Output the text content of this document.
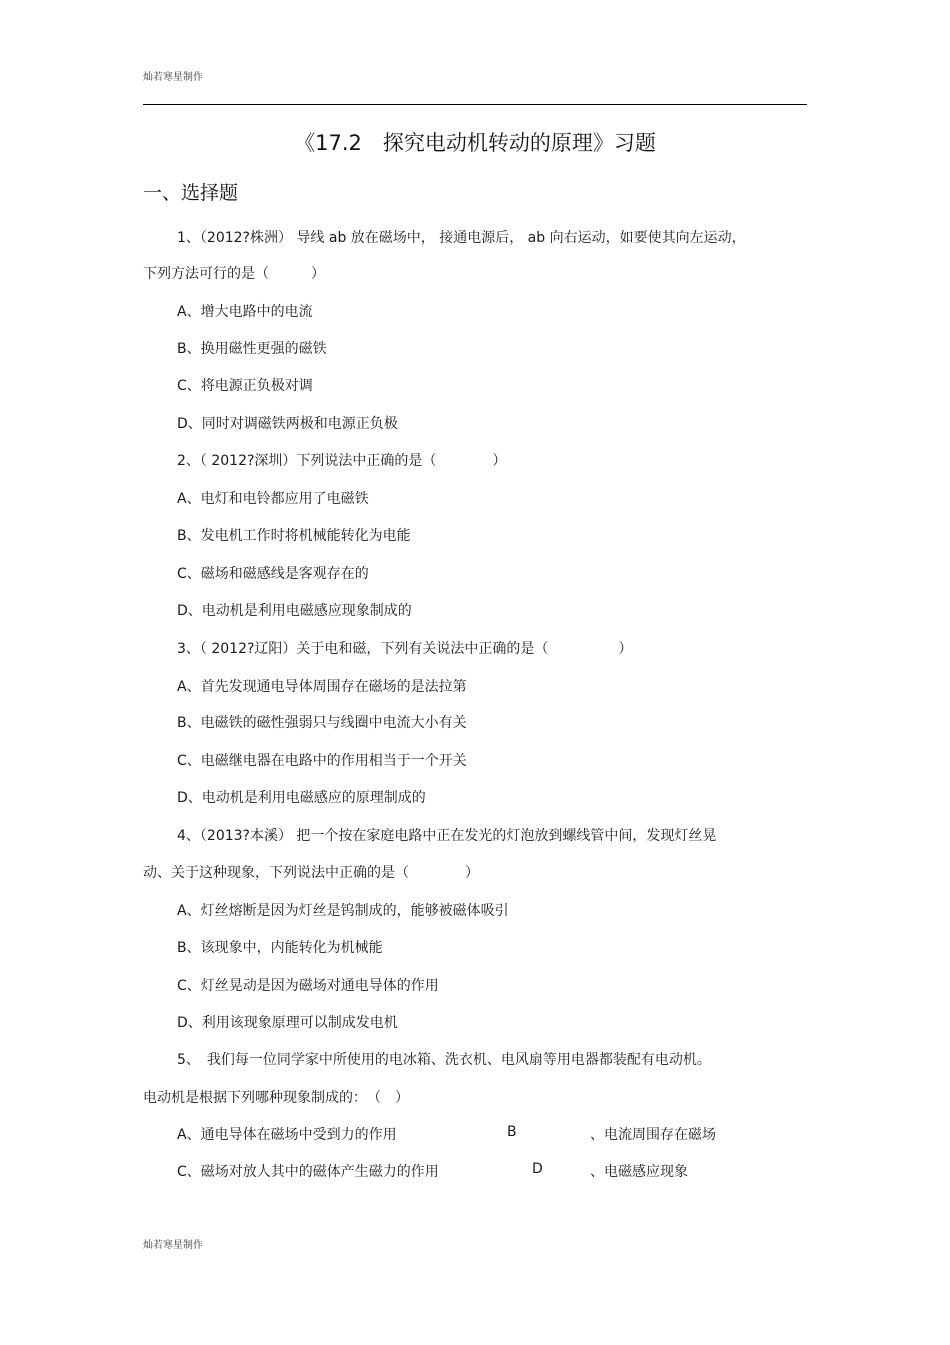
灿若寒星制作
《17.2　探究电动机转动的原理》习题
一、选择题
1、（2012?株洲） 导线 ab 放在磁场中， 接通电源后， ab 向右运动，如要使其向左运动，
下列方法可行的是（　　　）
A、增大电路中的电流
B、换用磁性更强的磁铁
C、将电源正负极对调
D、同时对调磁铁两极和电源正负极
2、（ 2012?深圳）下列说法中正确的是（　　　　）
A、电灯和电铃都应用了电磁铁
B、发电机工作时将机械能转化为电能
C、磁场和磁感线是客观存在的
D、电动机是利用电磁感应现象制成的
3、（ 2012?辽阳）关于电和磁，下列有关说法中正确的是（　　　　　）
A、首先发现通电导体周围存在磁场的是法拉第
B、电磁铁的磁性强弱只与线圈中电流大小有关
C、电磁继电器在电路中的作用相当于一个开关
D、电动机是利用电磁感应的原理制成的
4、（2013?本溪） 把一个按在家庭电路中正在发光的灯泡放到螺线管中间，发现灯丝晃
动、关于这种现象，下列说法中正确的是（　　　　）
A、灯丝熔断是因为灯丝是钨制成的，能够被磁体吸引
B、该现象中，内能转化为机械能
C、灯丝晃动是因为磁场对通电导体的作用
D、利用该现象原理可以制成发电机
5、　我们每一位同学家中所使用的电冰箱、洗衣机、电风扇等用电器都装配有电动机。
电动机是根据下列哪种现象制成的：　（　）
A、通电导体在磁场中受到力的作用	B	、电流周围存在磁场
C、磁场对放人其中的磁体产生磁力的作用	D	、电磁感应现象
灿若寒星制作
